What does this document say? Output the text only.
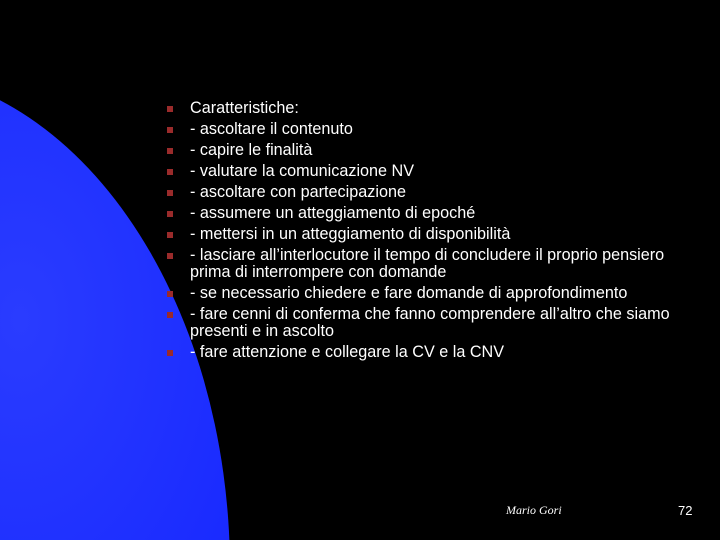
Caratteristiche:
- ascoltare il contenuto
- capire le finalità
- valutare la comunicazione NV
- ascoltare con partecipazione
- assumere un atteggiamento di epoché
- mettersi in un atteggiamento di disponibilità
- lasciare all’interlocutore il tempo di concludere il proprio pensiero prima di interrompere con domande
- se necessario chiedere e fare domande di approfondimento
- fare cenni di conferma che fanno comprendere all’altro che siamo presenti e in ascolto
- fare attenzione e collegare la CV e la CNV
Mario Gori	72
